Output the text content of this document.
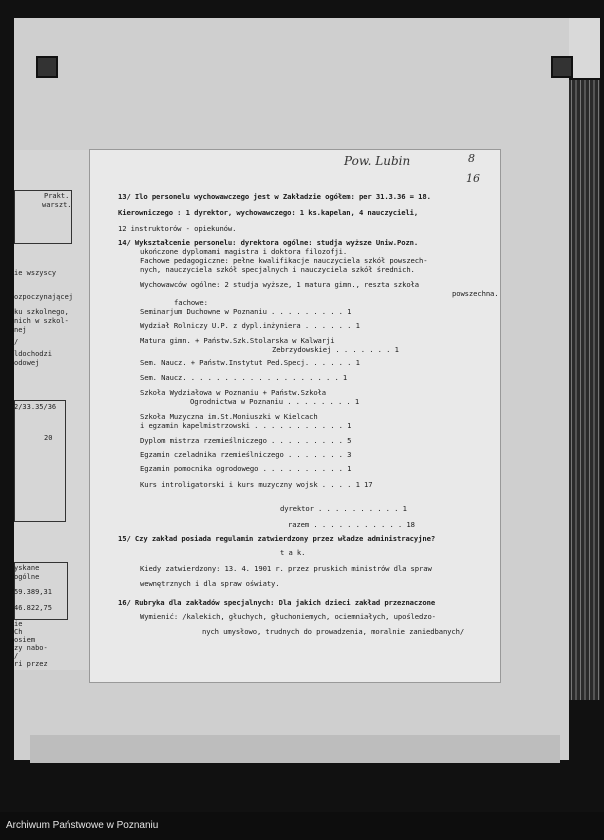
Prakt.
warszt.
ie wszyscy
ozpoczynającej
ku szkolnego,
nich w szkol-
nej
/
ldochodzi
odowej
2/33.35/36
20
yskane
ogólne
59.389,31
46.822,75
ie
Ch
osiem
zy nabo-
/
ri przez
Pow. Lubin	8
16
13/ Ilo personelu wychowawczego jest w Zakładzie ogółem: per 31.3.36 = 18.
Kierowniczego : 1 dyrektor, wychowawczego: 1 ks.kapelan, 4 nauczycieli,
12 instruktorów - opiekunów.
14/ Wykształcenie personelu: dyrektora ogólne: studja wyższe Uniw.Pozn.
ukończone dyplomami magistra i doktora filozofji.
Fachowe pedagogiczne: pełne kwalifikacje nauczyciela szkół powszech-
nych, nauczyciela szkół specjalnych i nauczyciela szkół średnich.
Wychowawców ogólne: 2 studja wyższe, 1 matura gimn., reszta szkoła
powszechna.
fachowe:
Seminarjum Duchowne w Poznaniu . . . . . . . . . 1
Wydział Rolniczy U.P. z dypl.inżyniera . . . . . . 1
Matura gimn. + Państw.Szk.Stolarska w Kalwarji
Zebrzydowskiej . . . . . . . 1
Sem. Naucz. + Państw.Instytut Ped.Specj. . . . . . 1
Sem. Naucz. . . . . . . . . . . . . . . . . . . 1
Szkoła Wydziałowa w Poznaniu + Państw.Szkoła
Ogrodnictwa w Poznaniu . . . . . . . . 1
Szkoła Muzyczna im.St.Moniuszki w Kielcach
i egzamin kapelmistrzowski . . . . . . . . . . . 1
Dyplom mistrza rzemieślniczego . . . . . . . . . 5
Egzamin czeladnika rzemieślniczego . . . . . . . 3
Egzamin pomocnika ogrodowego . . . . . . . . . . 1
Kurs introligatorski i kurs muzyczny wojsk . . . . 1 17
dyrektor . . . . . . . . . . 1
razem . . . . . . . . . . . 18
15/ Czy zakład posiada regulamin zatwierdzony przez władze administracyjne?
t a k.
Kiedy zatwierdzony: 13. 4. 1901 r. przez pruskich ministrów dla spraw
wewnętrznych i dla spraw oświaty.
16/ Rubryka dla zakładów specjalnych: Dla jakich dzieci zakład przeznaczone
Wymienić: /kalekich, głuchych, głuchoniemych, ociemniałych, upośledzo-
nych umysłowo, trudnych do prowadzenia, moralnie zaniedbanych/
Archiwum Państwowe w Poznaniu
